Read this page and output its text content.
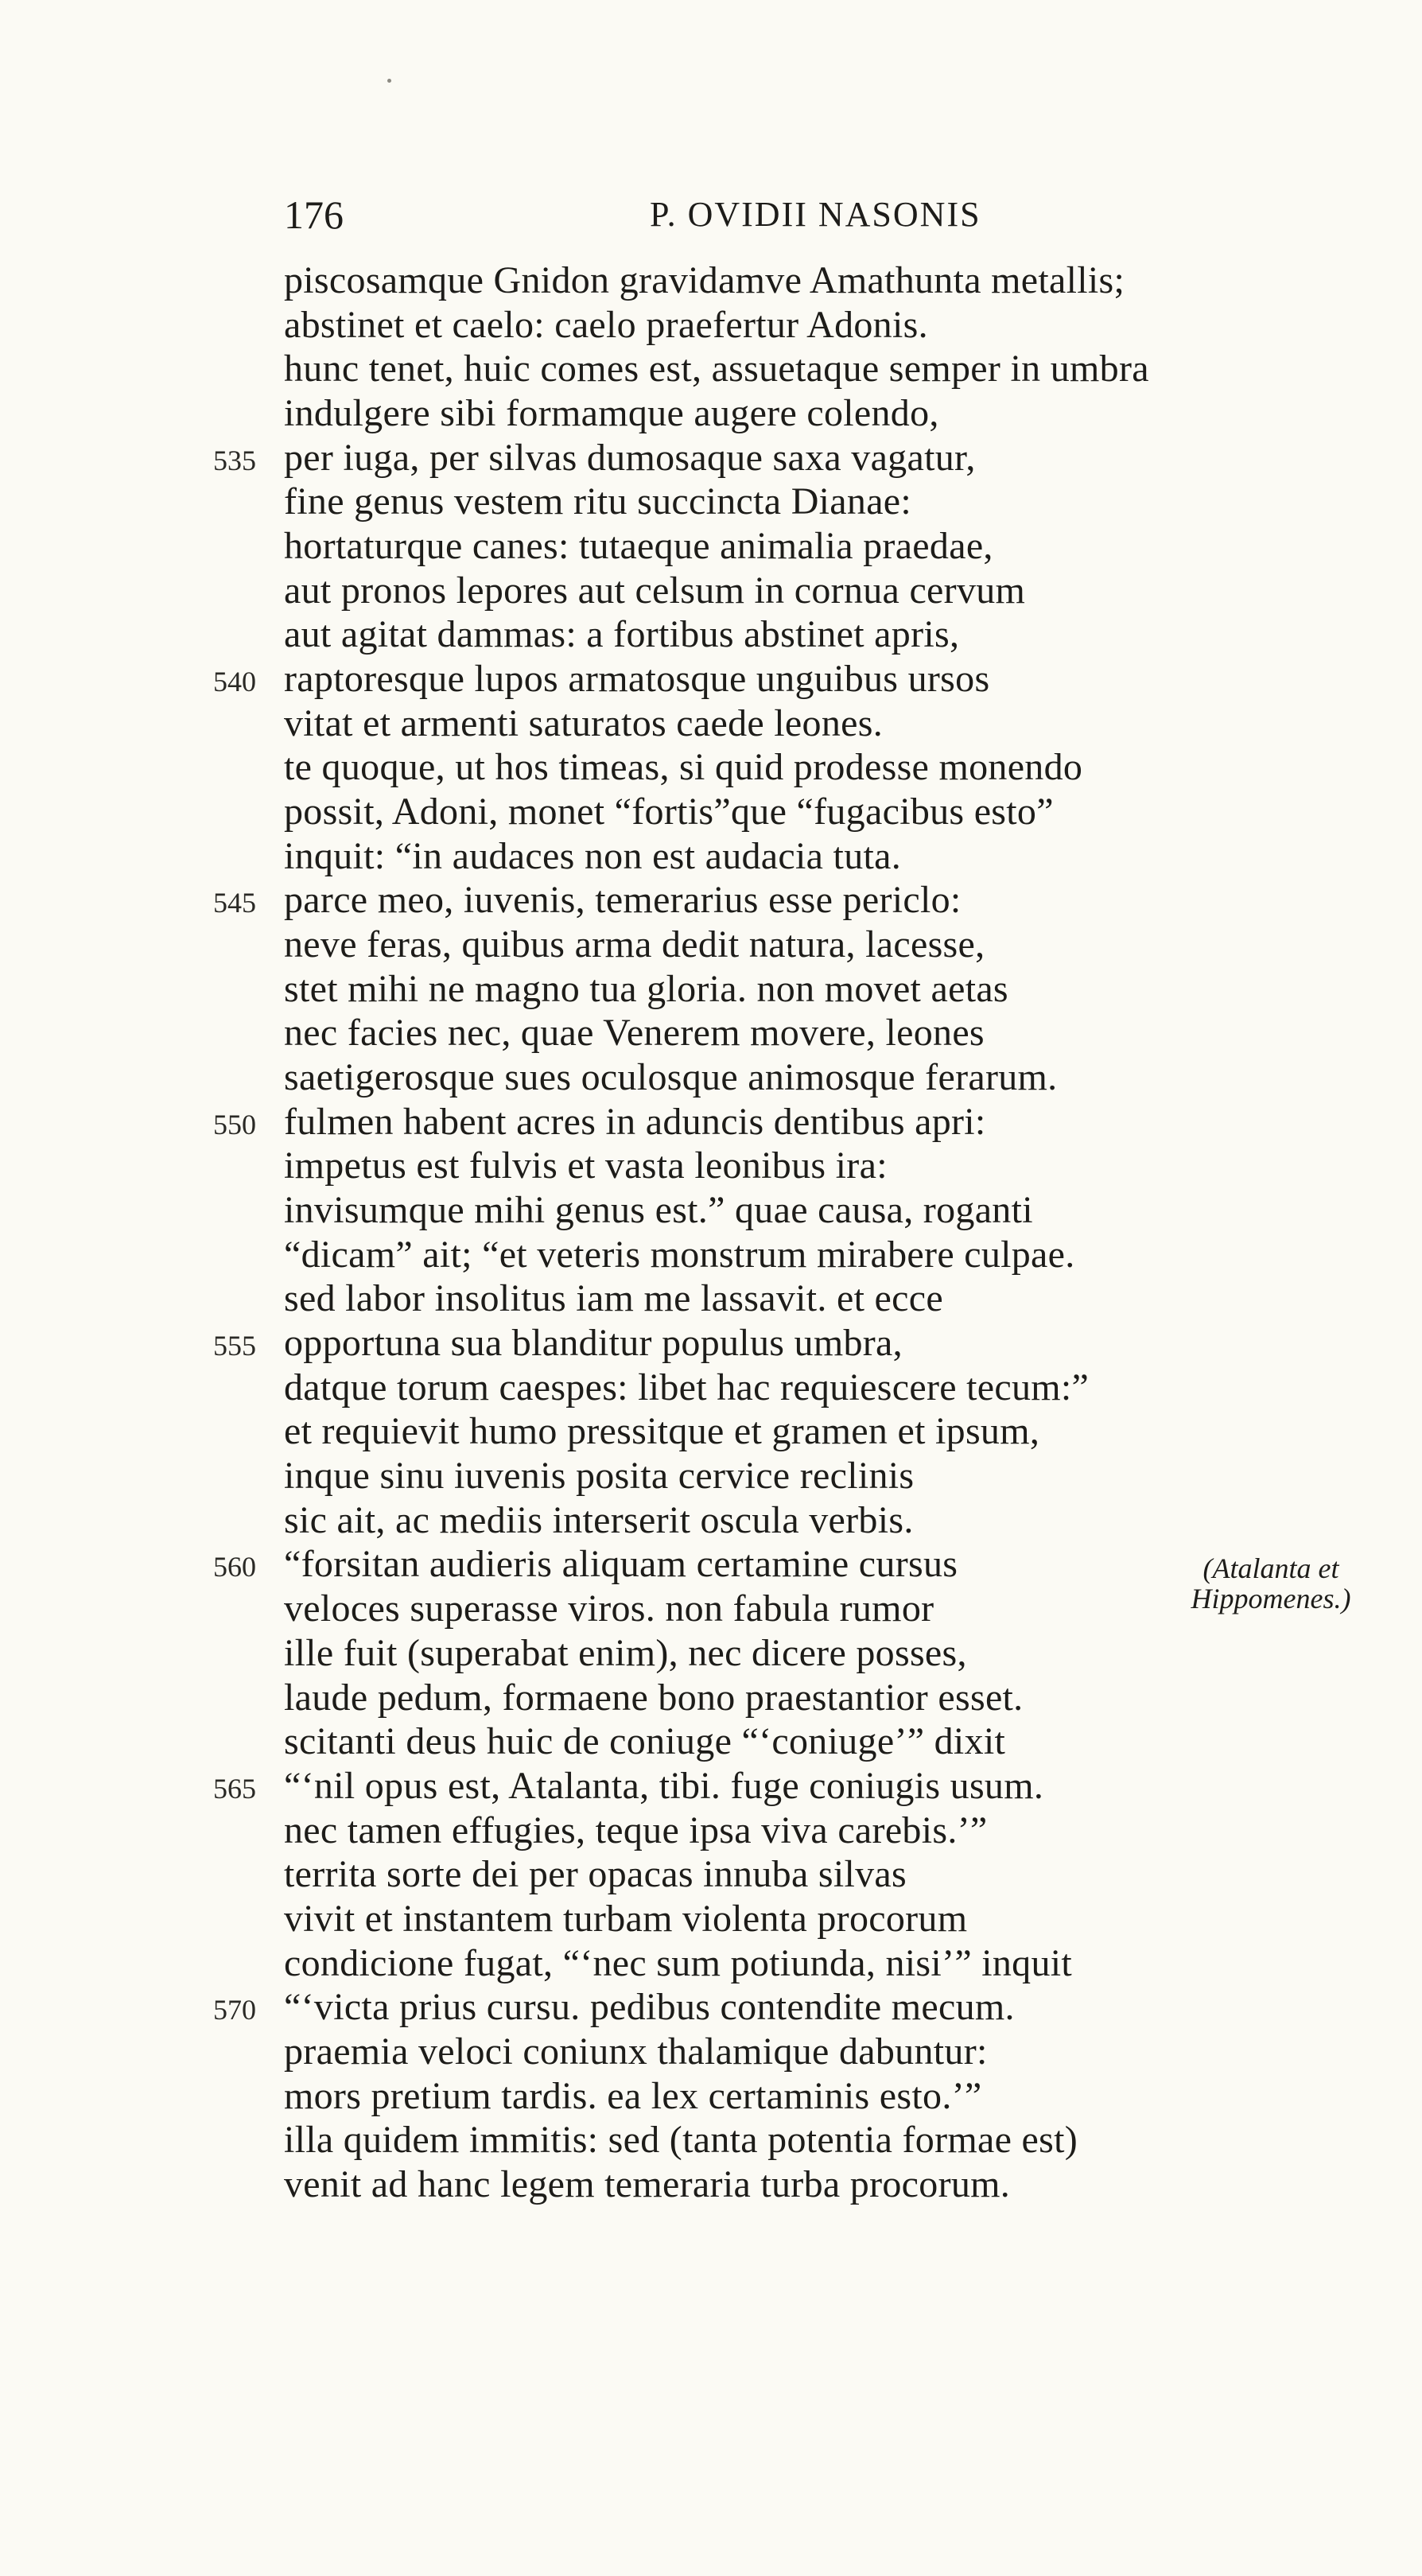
176	P. OVIDII NASONIS
piscosamque Gnidon gravidamve Amathunta metallis;
abstinet et caelo: caelo praefertur Adonis.
hunc tenet, huic comes est, assuetaque semper in umbra
indulgere sibi formamque augere colendo,
535 per iuga, per silvas dumosaque saxa vagatur,
fine genus vestem ritu succincta Dianae:
hortaturque canes: tutaeque animalia praedae,
aut pronos lepores aut celsum in cornua cervum
aut agitat dammas: a fortibus abstinet apris,
540 raptoresque lupos armatosque unguibus ursos
vitat et armenti saturatos caede leones.
te quoque, ut hos timeas, si quid prodesse monendo
possit, Adoni, monet “fortis”que “fugacibus esto”
inquit: “in audaces non est audacia tuta.
545 parce meo, iuvenis, temerarius esse periclo:
neve feras, quibus arma dedit natura, lacesse,
stet mihi ne magno tua gloria. non movet aetas
nec facies nec, quae Venerem movere, leones
saetigerosque sues oculosque animosque ferarum.
550 fulmen habent acres in aduncis dentibus apri:
impetus est fulvis et vasta leonibus ira:
invisumque mihi genus est.” quae causa, roganti
“dicam” ait; “et veteris monstrum mirabere culpae.
sed labor insolitus iam me lassavit. et ecce
555 opportuna sua blanditur populus umbra,
datque torum caespes: libet hac requiescere tecum:”
et requievit humo pressitque et gramen et ipsum,
inque sinu iuvenis posita cervice reclinis
sic ait, ac mediis interserit oscula verbis.
560 “forsitan audieris aliquam certamine cursus
veloces superasse viros. non fabula rumor
ille fuit (superabat enim), nec dicere posses,
laude pedum, formaene bono praestantior esset.
scitanti deus huic de coniuge “‘coniuge’” dixit
565 “‘nil opus est, Atalanta, tibi. fuge coniugis usum.
nec tamen effugies, teque ipsa viva carebis.’”
territa sorte dei per opacas innuba silvas
vivit et instantem turbam violenta procorum
condicione fugat, “‘nec sum potiunda, nisi’” inquit
570 “‘victa prius cursu. pedibus contendite mecum.
praemia veloci coniunx thalamique dabuntur:
mors pretium tardis. ea lex certaminis esto.’”
illa quidem immitis: sed (tanta potentia formae est)
venit ad hanc legem temeraria turba procorum.
(Atalanta et
Hippomenes.)
